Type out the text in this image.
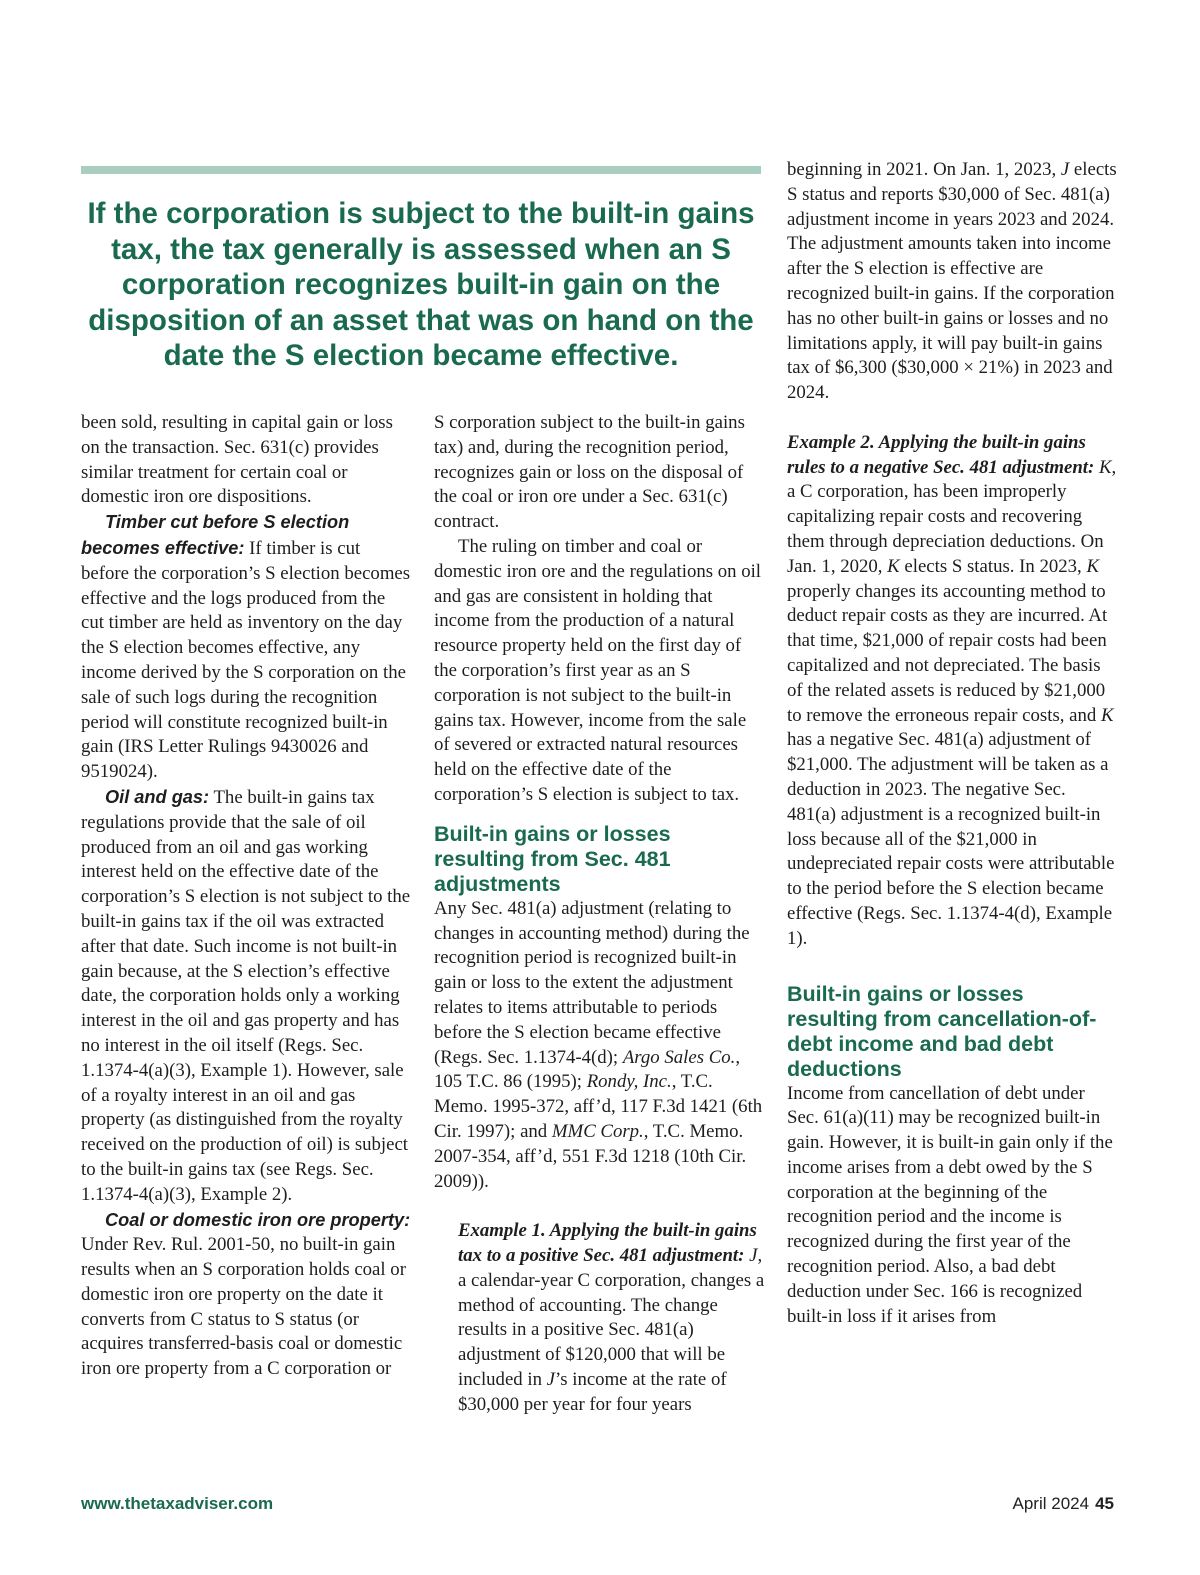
If the corporation is subject to the built-in gains tax, the tax generally is assessed when an S corporation recognizes built-in gain on the disposition of an asset that was on hand on the date the S election became effective.

been sold, resulting in capital gain or loss on the transaction. Sec. 631(c) provides similar treatment for certain coal or domestic iron ore dispositions.

Timber cut before S election becomes effective: If timber is cut before the corporation’s S election becomes effective and the logs produced from the cut timber are held as inventory on the day the S election becomes effective, any income derived by the S corporation on the sale of such logs during the recognition period will constitute recognized built-in gain (IRS Letter Rulings 9430026 and 9519024).

Oil and gas: The built-in gains tax regulations provide that the sale of oil produced from an oil and gas working interest held on the effective date of the corporation’s S election is not subject to the built-in gains tax if the oil was extracted after that date. Such income is not built-in gain because, at the S election’s effective date, the corporation holds only a working interest in the oil and gas property and has no interest in the oil itself (Regs. Sec. 1.1374-4(a)(3), Example 1). However, sale of a royalty interest in an oil and gas property (as distinguished from the royalty received on the production of oil) is subject to the built-in gains tax (see Regs. Sec. 1.1374-4(a)(3), Example 2).

Coal or domestic iron ore property: Under Rev. Rul. 2001-50, no built-in gain results when an S corporation holds coal or domestic iron ore property on the date it converts from C status to S status (or acquires transferred-basis coal or domestic iron ore property from a C corporation or

S corporation subject to the built-in gains tax) and, during the recognition period, recognizes gain or loss on the disposal of the coal or iron ore under a Sec. 631(c) contract.

The ruling on timber and coal or domestic iron ore and the regulations on oil and gas are consistent in holding that income from the production of a natural resource property held on the first day of the corporation’s first year as an S corporation is not subject to the built-in gains tax. However, income from the sale of severed or extracted natural resources held on the effective date of the corporation’s S election is subject to tax.

Built-in gains or losses resulting from Sec. 481 adjustments

Any Sec. 481(a) adjustment (relating to changes in accounting method) during the recognition period is recognized built-in gain or loss to the extent the adjustment relates to items attributable to periods before the S election became effective (Regs. Sec. 1.1374-4(d); Argo Sales Co., 105 T.C. 86 (1995); Rondy, Inc., T.C. Memo. 1995-372, aff’d, 117 F.3d 1421 (6th Cir. 1997); and MMC Corp., T.C. Memo. 2007-354, aff’d, 551 F.3d 1218 (10th Cir. 2009)).

Example 1. Applying the built-in gains tax to a positive Sec. 481 adjustment: J, a calendar-year C corporation, changes a method of accounting. The change results in a positive Sec. 481(a) adjustment of $120,000 that will be included in J’s income at the rate of $30,000 per year for four years

beginning in 2021. On Jan. 1, 2023, J elects S status and reports $30,000 of Sec. 481(a) adjustment income in years 2023 and 2024. The adjustment amounts taken into income after the S election is effective are recognized built-in gains. If the corporation has no other built-in gains or losses and no limitations apply, it will pay built-in gains tax of $6,300 ($30,000 × 21%) in 2023 and 2024.

Example 2. Applying the built-in gains rules to a negative Sec. 481 adjustment: K, a C corporation, has been improperly capitalizing repair costs and recovering them through depreciation deductions. On Jan. 1, 2020, K elects S status. In 2023, K properly changes its accounting method to deduct repair costs as they are incurred. At that time, $21,000 of repair costs had been capitalized and not depreciated. The basis of the related assets is reduced by $21,000 to remove the erroneous repair costs, and K has a negative Sec. 481(a) adjustment of $21,000. The adjustment will be taken as a deduction in 2023. The negative Sec. 481(a) adjustment is a recognized built-in loss because all of the $21,000 in undepreciated repair costs were attributable to the period before the S election became effective (Regs. Sec. 1.1374-4(d), Example 1).

Built-in gains or losses resulting from cancellation-of-debt income and bad debt deductions

Income from cancellation of debt under Sec. 61(a)(11) may be recognized built-in gain. However, it is built-in gain only if the income arises from a debt owed by the S corporation at the beginning of the recognition period and the income is recognized during the first year of the recognition period. Also, a bad debt deduction under Sec. 166 is recognized built-in loss if it arises from

www.thetaxadviser.com	April 2024 45
